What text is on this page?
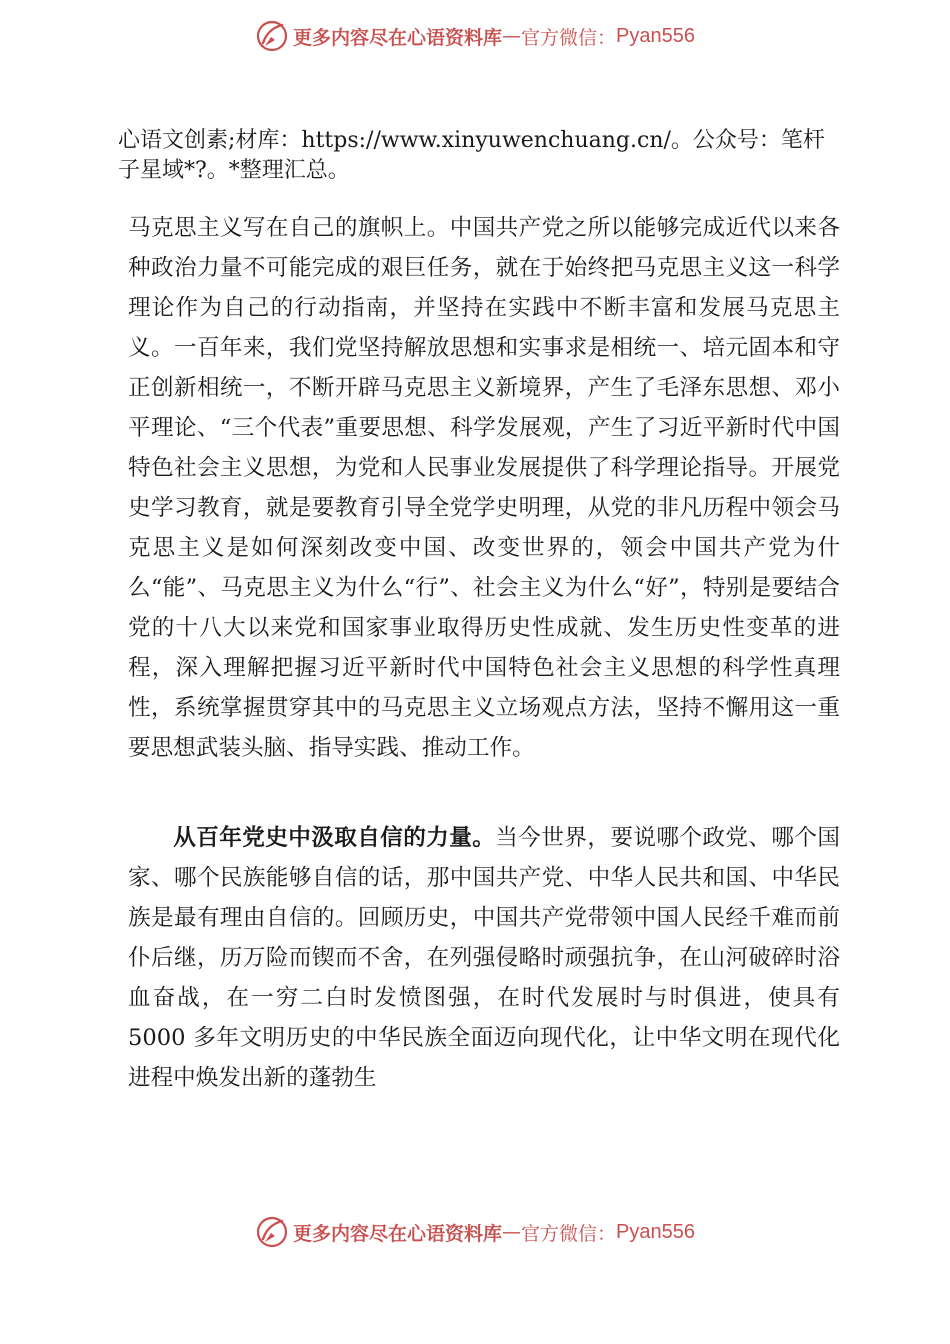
更多内容尽在心语资料库 — 官方微信： Pyan556
心语文创素;材库：https://www.xinyuwenchuang.cn/。公众号：笔杆子星域*?。*整理汇总。
马克思主义写在自己的旗帜上。中国共产党之所以能够完成近代以来各种政治力量不可能完成的艰巨任务，就在于始终把马克思主义这一科学理论作为自己的行动指南，并坚持在实践中不断丰富和发展马克思主义。一百年来，我们党坚持解放思想和实事求是相统一、培元固本和守正创新相统一，不断开辟马克思主义新境界，产生了毛泽东思想、邓小平理论、“三个代表”重要思想、科学发展观，产生了习近平新时代中国特色社会主义思想，为党和人民事业发展提供了科学理论指导。开展党史学习教育，就是要教育引导全党学史明理，从党的非凡历程中领会马克思主义是如何深刻改变中国、改变世界的，领会中国共产党为什么“能”、马克思主义为什么“行”、社会主义为什么“好”，特别是要结合党的十八大以来党和国家事业取得历史性成就、发生历史性变革的进程，深入理解把握习近平新时代中国特色社会主义思想的科学性真理性，系统掌握贯穿其中的马克思主义立场观点方法，坚持不懈用这一重要思想武装头脑、指导实践、推动工作。
从百年党史中汲取自信的力量。当今世界，要说哪个政党、哪个国家、哪个民族能够自信的话，那中国共产党、中华人民共和国、中华民族是最有理由自信的。回顾历史，中国共产党带领中国人民经千难而前仆后继，历万险而锲而不舍，在列强侵略时顽强抗争，在山河破碎时浴血奋战，在一穷二白时发愤图强，在时代发展时与时俱进，使具有 5000 多年文明历史的中华民族全面迈向现代化，让中华文明在现代化进程中焕发出新的蓬勃生
更多内容尽在心语资料库 — 官方微信： Pyan556
